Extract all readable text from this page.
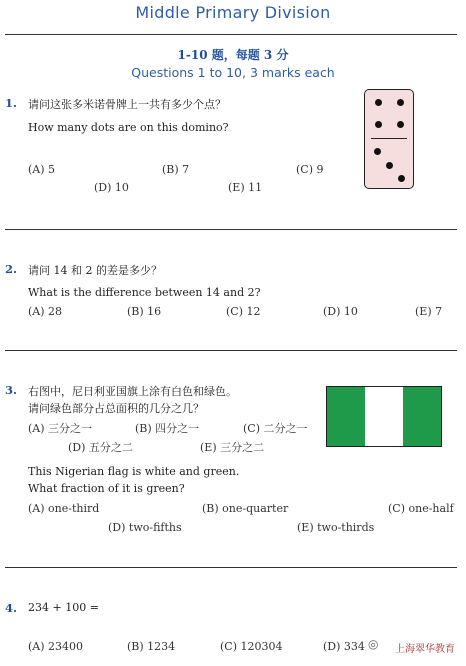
Middle Primary Division
1-10 题，每题 3 分
Questions 1 to 10, 3 marks each
1. 请问这张多米诺骨牌上一共有多少个点？
How many dots are on this domino?
(A) 5	(B) 7	(C) 9
(D) 10	(E) 11
2. 请问 14 和 2 的差是多少？
What is the difference between 14 and 2?
(A) 28	(B) 16	(C) 12	(D) 10	(E) 7
3. 右图中，尼日利亚国旗上涂有白色和绿色。
请问绿色部分占总面积的几分之几？
(A) 三分之一	(B) 四分之一	(C) 二分之一
(D) 五分之二	(E) 三分之二
This Nigerian flag is white and green.
What fraction of it is green?
(A) one-third	(B) one-quarter	(C) one-half
(D) two-fifths	(E) two-thirds
4. 234 + 100 =
(A) 23400	(B) 1234	(C) 120304	(D) 334 ◎	上海翠华教育
